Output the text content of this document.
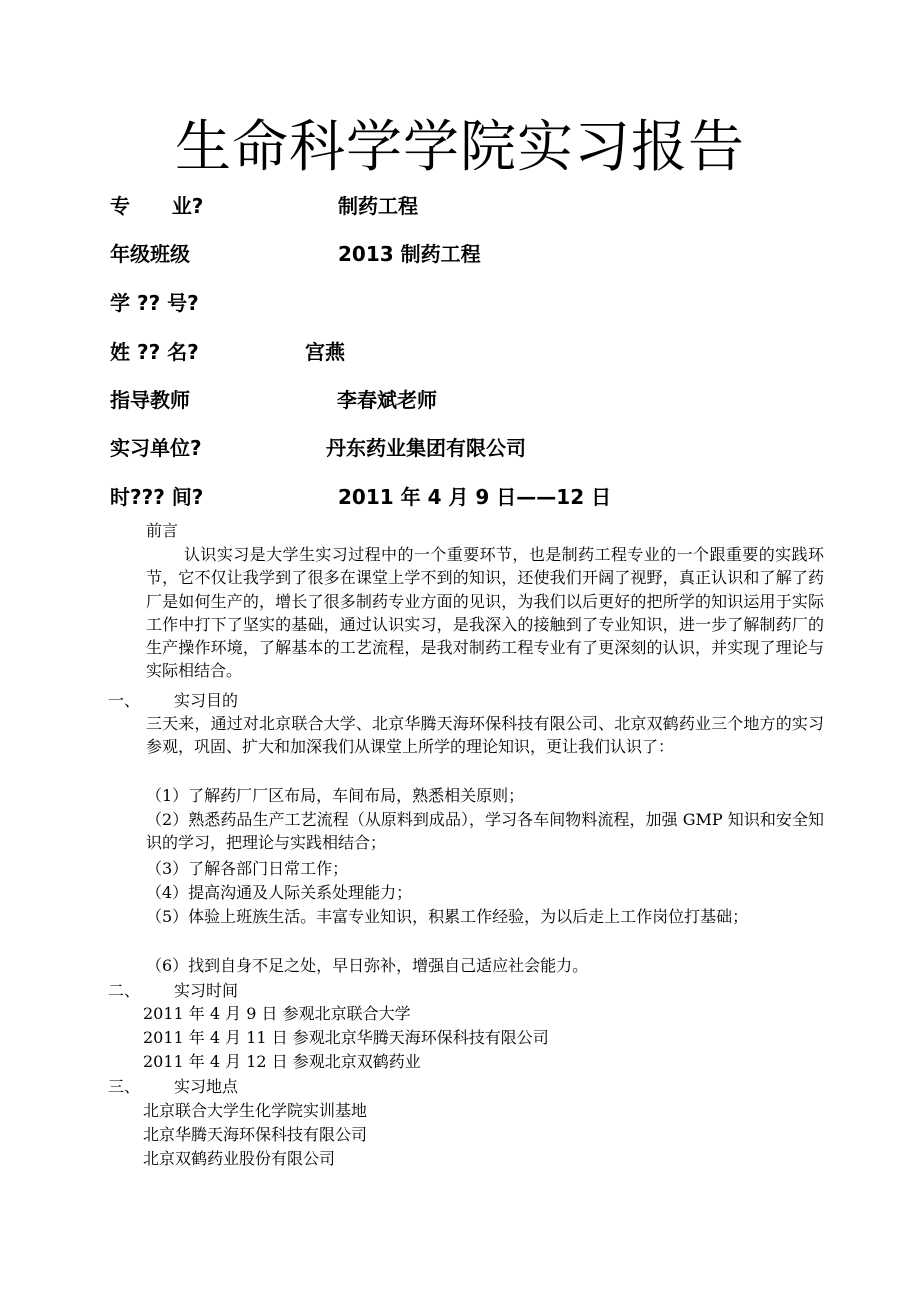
生命科学学院实习报告
专      业?	制药工程
年级班级	2013 制药工程
学 ?? 号?
姓 ?? 名?	宫燕
指导教师	李春斌老师
实习单位?	丹东药业集团有限公司
时??? 间?	2011 年 4 月 9 日——12 日
前言
认识实习是大学生实习过程中的一个重要环节，也是制药工程专业的一个跟重要的实践环节，它不仅让我学到了很多在课堂上学不到的知识，还使我们开阔了视野，真正认识和了解了药厂是如何生产的，增长了很多制药专业方面的见识，为我们以后更好的把所学的知识运用于实际工作中打下了坚实的基础，通过认识实习，是我深入的接触到了专业知识，进一步了解制药厂的生产操作环境，了解基本的工艺流程，是我对制药工程专业有了更深刻的认识，并实现了理论与实际相结合。
一、 实习目的
三天来，通过对北京联合大学、北京华腾天海环保科技有限公司、北京双鹤药业三个地方的实习参观，巩固、扩大和加深我们从课堂上所学的理论知识，更让我们认识了：
（1）了解药厂厂区布局，车间布局，熟悉相关原则；
（2）熟悉药品生产工艺流程（从原料到成品），学习各车间物料流程，加强 GMP 知识和安全知识的学习，把理论与实践相结合；
（3）了解各部门日常工作；
（4）提高沟通及人际关系处理能力；
（5）体验上班族生活。丰富专业知识，积累工作经验，为以后走上工作岗位打基础；
（6）找到自身不足之处，早日弥补，增强自己适应社会能力。
二、 实习时间
2011 年 4 月 9 日 参观北京联合大学
2011 年 4 月 11 日 参观北京华腾天海环保科技有限公司
2011 年 4 月 12 日 参观北京双鹤药业
三、 实习地点
北京联合大学生化学院实训基地
北京华腾天海环保科技有限公司
北京双鹤药业股份有限公司
